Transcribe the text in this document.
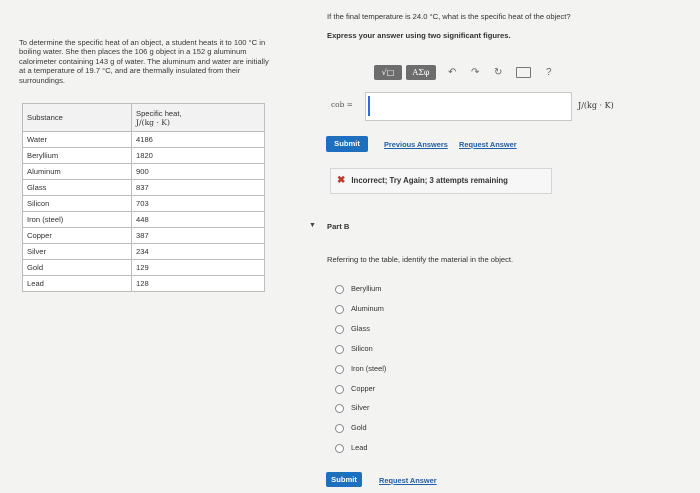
To determine the specific heat of an object, a student heats it to 100 °C in boiling water. She then places the 106 g object in a 152 g aluminum calorimeter containing 143 g of water. The aluminum and water are initially at a temperature of 19.7 °C, and are thermally insulated from their surroundings.
Substance	Specific heat,
J/(kg · K)
Water	4186
Beryllium	1820
Aluminum	900
Glass	837
Silicon	703
Iron (steel)	448
Copper	387
Silver	234
Gold	129
Lead	128
If the final temperature is 24.0 °C, what is the specific heat of the object?
Express your answer using two significant figures.
√□	ΑΣφ	↶ ↷ ↻	?
cob =	J/(kg · K)
Submit	Previous Answers Request Answer
✖ Incorrect; Try Again; 3 attempts remaining
▼ Part B
Referring to the table, identify the material in the object.
Beryllium
Aluminum
Glass
Silicon
Iron (steel)
Copper
Silver
Gold
Lead
Submit	Request Answer
